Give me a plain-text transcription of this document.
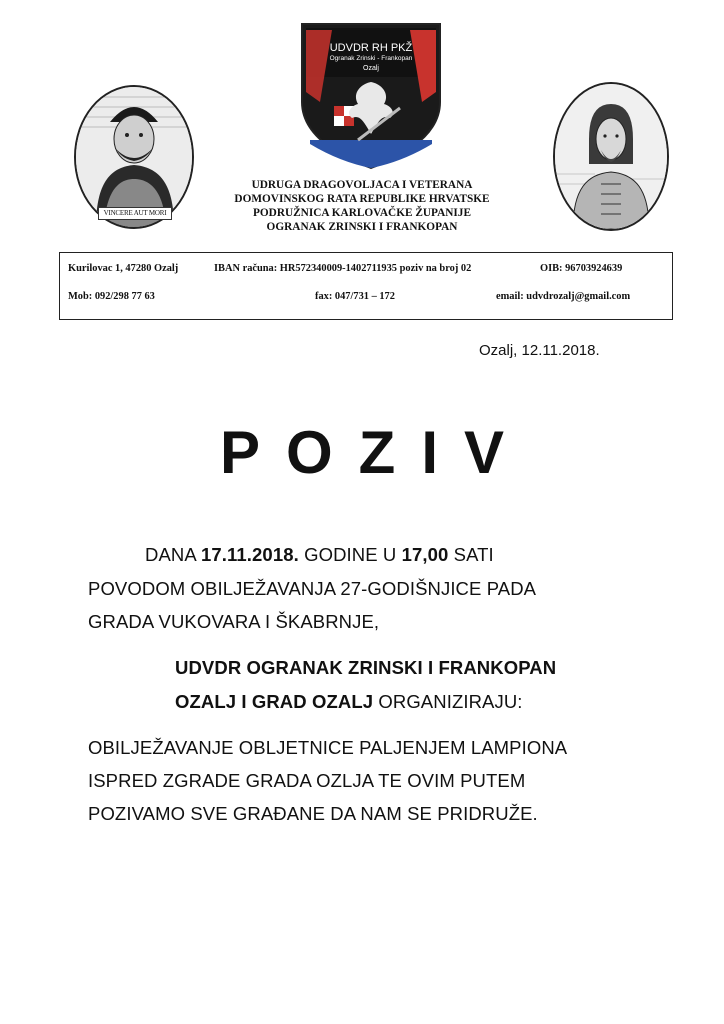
VINCERE AUT MORI
UDVDR RH PKŽ
Ogranak Zrinski - Frankopan
Ozalj
UDRUGA DRAGOVOLJACA I VETERANA
DOMOVINSKOG RATA REPUBLIKE HRVATSKE
PODRUŽNICA KARLOVAČKE ŽUPANIJE
OGRANAK ZRINSKI I FRANKOPAN
Kurilovac 1, 47280 Ozalj	IBAN računa: HR572340009-1402711935 poziv na broj 02	OIB: 96703924639
Mob: 092/298 77 63	fax: 047/731 – 172	email: udvdrozalj@gmail.com
Ozalj, 12.11.2018.
POZIV
DANA 17.11.2018. GODINE U 17,00 SATI
POVODOM OBILJEŽAVANJA 27-GODIŠNJICE PADA
GRADA VUKOVARA I ŠKABRNJE,
UDVDR OGRANAK ZRINSKI I FRANKOPAN
OZALJ I GRAD OZALJ ORGANIZIRAJU:
OBILJEŽAVANJE OBLJETNICE PALJENJEM LAMPIONA
ISPRED ZGRADE GRADA OZLJA TE OVIM PUTEM
POZIVAMO SVE GRAĐANE DA NAM SE PRIDRUŽE.
